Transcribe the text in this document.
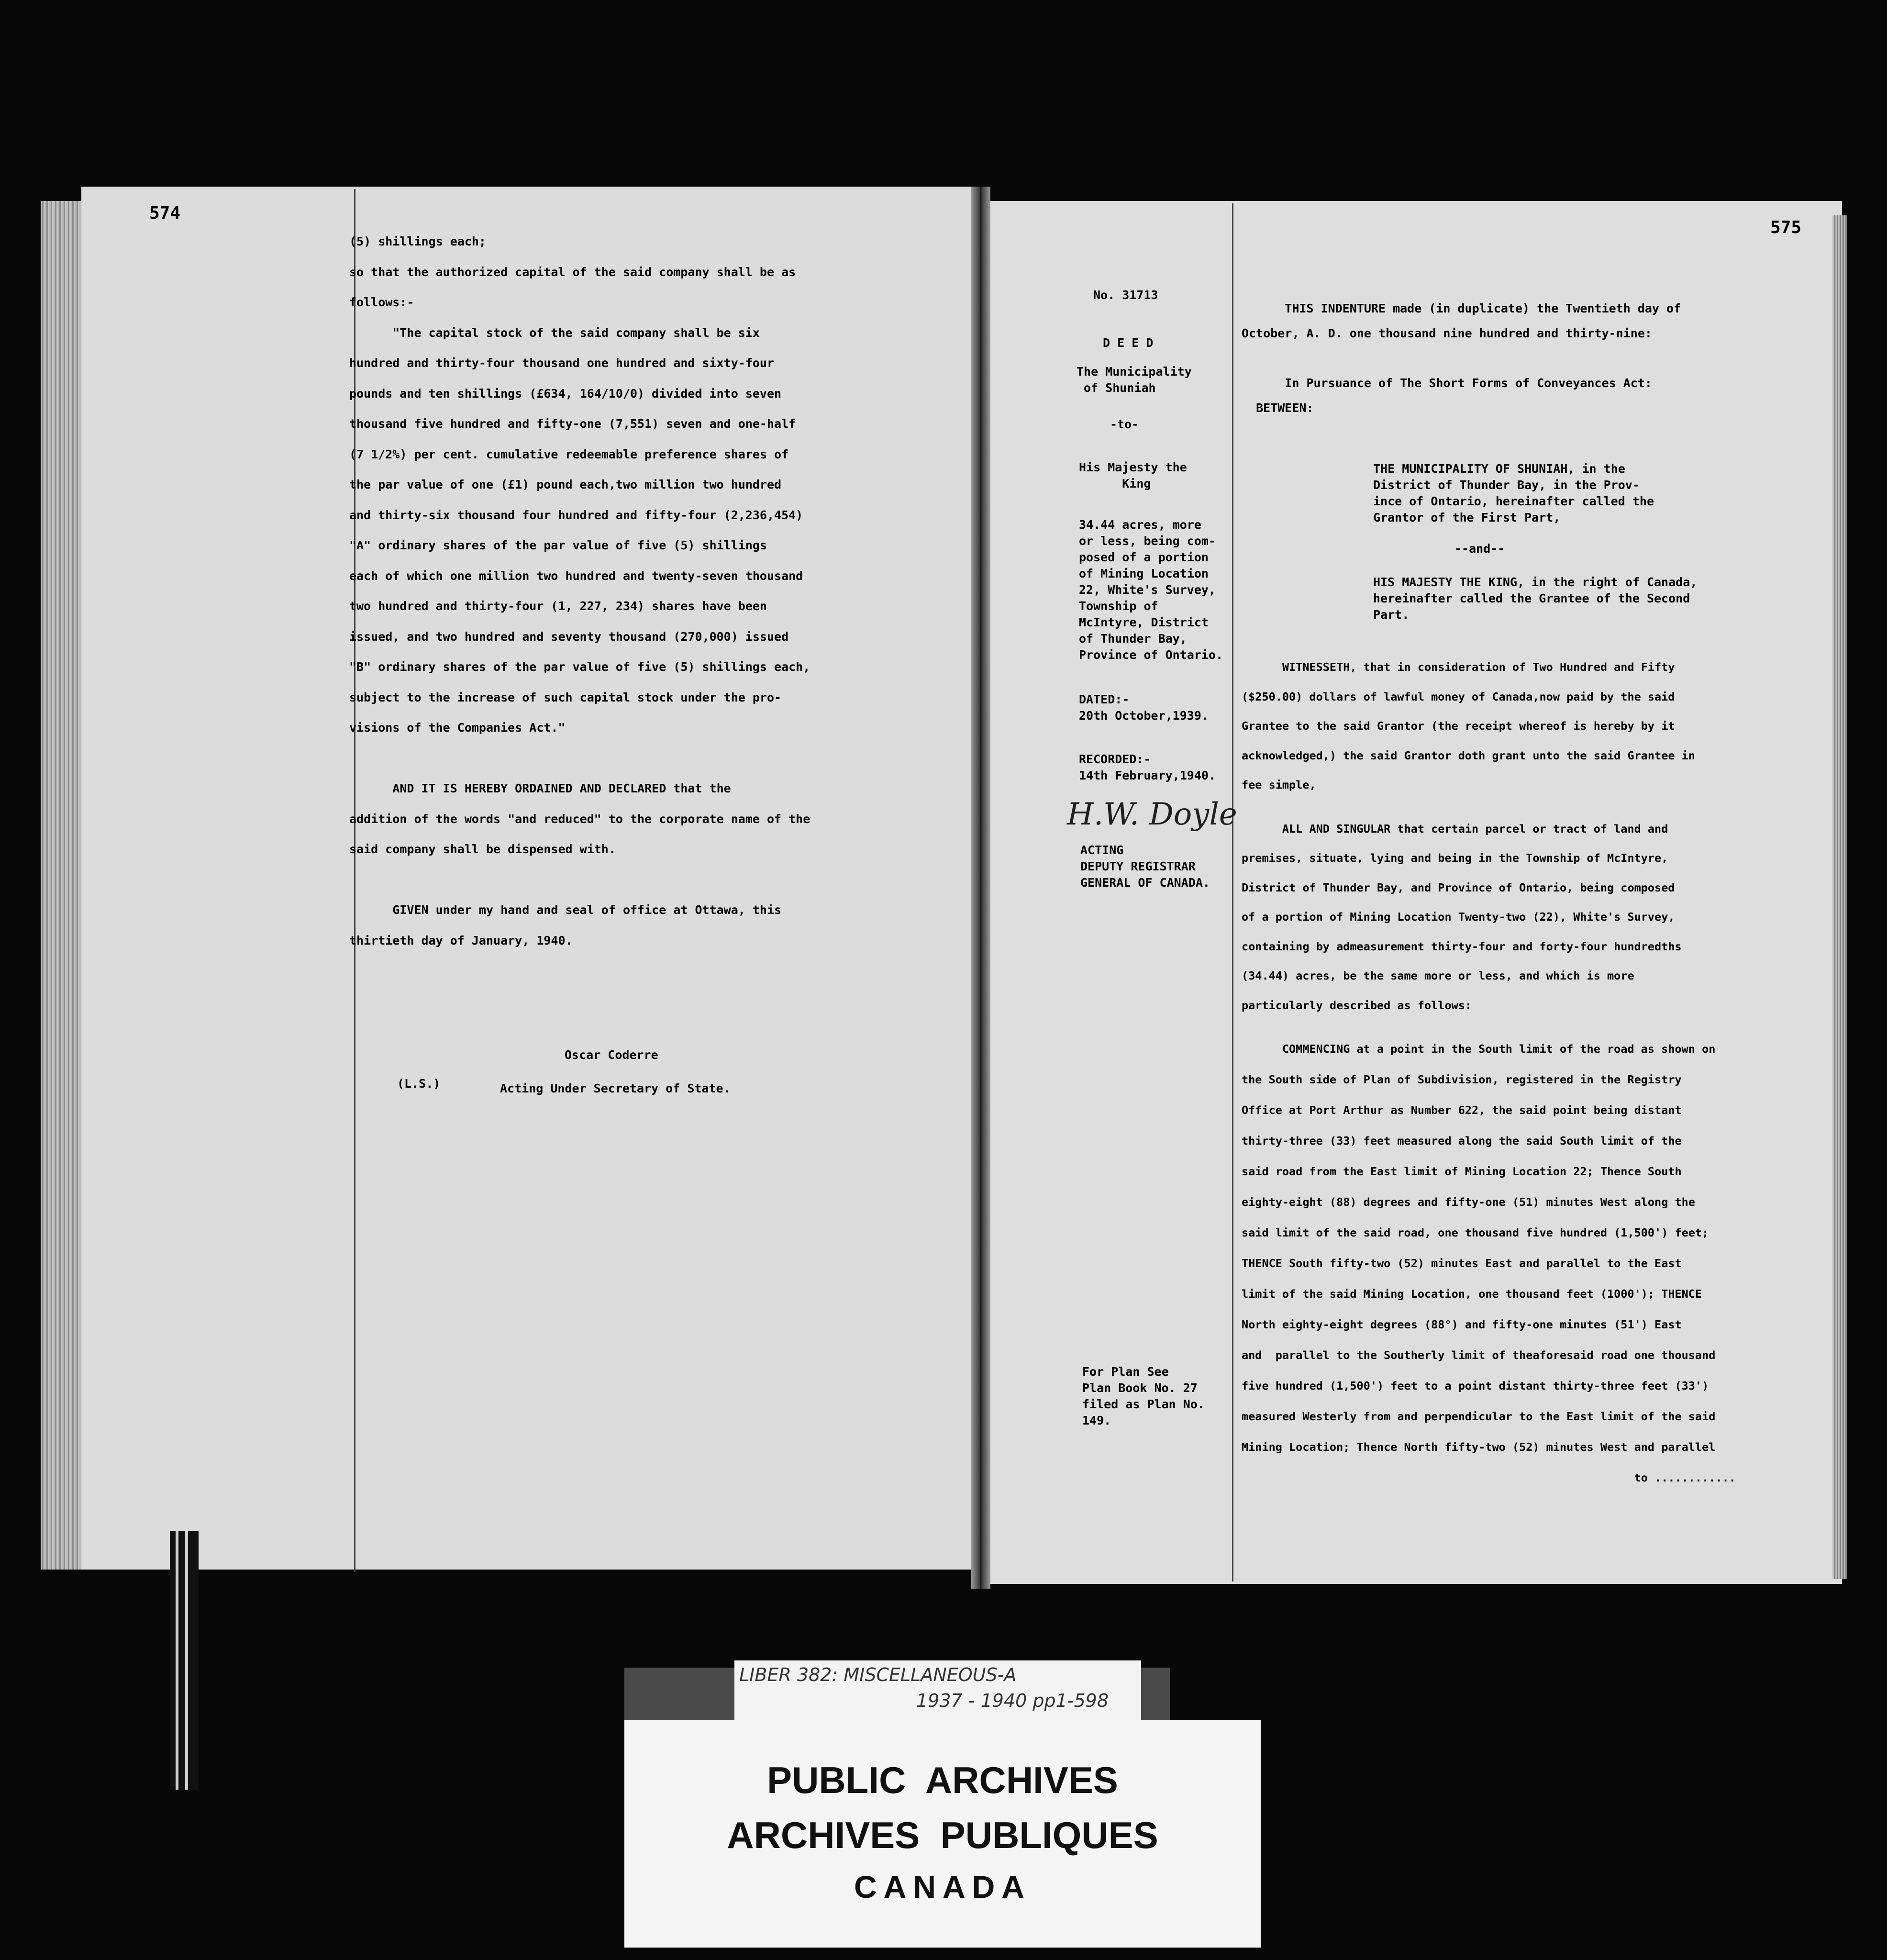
574
(5) shillings each;
so that the authorized capital of the said company shall be as
follows:-
"The capital stock of the said company shall be six
hundred and thirty-four thousand one hundred and sixty-four
pounds and ten shillings (£634, 164/10/0) divided into seven
thousand five hundred and fifty-one (7,551) seven and one-half
(7 1/2%) per cent. cumulative redeemable preference shares of
the par value of one (£1) pound each,two million two hundred
and thirty-six thousand four hundred and fifty-four (2,236,454)
"A" ordinary shares of the par value of five (5) shillings
each of which one million two hundred and twenty-seven thousand
two hundred and thirty-four (1, 227, 234) shares have been
issued, and two hundred and seventy thousand (270,000) issued
"B" ordinary shares of the par value of five (5) shillings each,
subject to the increase of such capital stock under the pro-
visions of the Companies Act."
AND IT IS HEREBY ORDAINED AND DECLARED that the
addition of the words "and reduced" to the corporate name of the
said company shall be dispensed with.
GIVEN under my hand and seal of office at Ottawa, this
thirtieth day of January, 1940.
Oscar Coderre
(L.S.)	Acting Under Secretary of State.
575
No. 31713
D E E D
The Municipality
of Shuniah
-to-
His Majesty the
King
34.44 acres, more
or less, being com-
posed of a portion
of Mining Location
22, White's Survey,
Township of
McIntyre, District
of Thunder Bay,
Province of Ontario.
DATED:-
20th October,1939.
RECORDED:-
14th February,1940.
H.W. Doyle
ACTING
DEPUTY REGISTRAR
GENERAL OF CANADA.
For Plan See
Plan Book No. 27
filed as Plan No.
149.
THIS INDENTURE made (in duplicate) the Twentieth day of
October, A. D. one thousand nine hundred and thirty-nine:
In Pursuance of The Short Forms of Conveyances Act:
BETWEEN:
THE MUNICIPALITY OF SHUNIAH, in the
District of Thunder Bay, in the Prov-
ince of Ontario, hereinafter called the
Grantor of the First Part,
--and--
HIS MAJESTY THE KING, in the right of Canada,
hereinafter called the Grantee of the Second
Part.
WITNESSETH, that in consideration of Two Hundred and Fifty
($250.00) dollars of lawful money of Canada,now paid by the said
Grantee to the said Grantor (the receipt whereof is hereby by it
acknowledged,) the said Grantor doth grant unto the said Grantee in
fee simple,
ALL AND SINGULAR that certain parcel or tract of land and
premises, situate, lying and being in the Township of McIntyre,
District of Thunder Bay, and Province of Ontario, being composed
of a portion of Mining Location Twenty-two (22), White's Survey,
containing by admeasurement thirty-four and forty-four hundredths
(34.44) acres, be the same more or less, and which is more
particularly described as follows:
COMMENCING at a point in the South limit of the road as shown on
the South side of Plan of Subdivision, registered in the Registry
Office at Port Arthur as Number 622, the said point being distant
thirty-three (33) feet measured along the said South limit of the
said road from the East limit of Mining Location 22; Thence South
eighty-eight (88) degrees and fifty-one (51) minutes West along the
said limit of the said road, one thousand five hundred (1,500') feet;
THENCE South fifty-two (52) minutes East and parallel to the East
limit of the said Mining Location, one thousand feet (1000'); THENCE
North eighty-eight degrees (88°) and fifty-one minutes (51') East
and  parallel to the Southerly limit of theaforesaid road one thousand
five hundred (1,500') feet to a point distant thirty-three feet (33')
measured Westerly from and perpendicular to the East limit of the said
Mining Location; Thence North fifty-two (52) minutes West and parallel
to ............
LIBER 382: MISCELLANEOUS-A
1937 - 1940 pp1-598
PUBLIC  ARCHIVES
ARCHIVES  PUBLIQUES
CANADA
